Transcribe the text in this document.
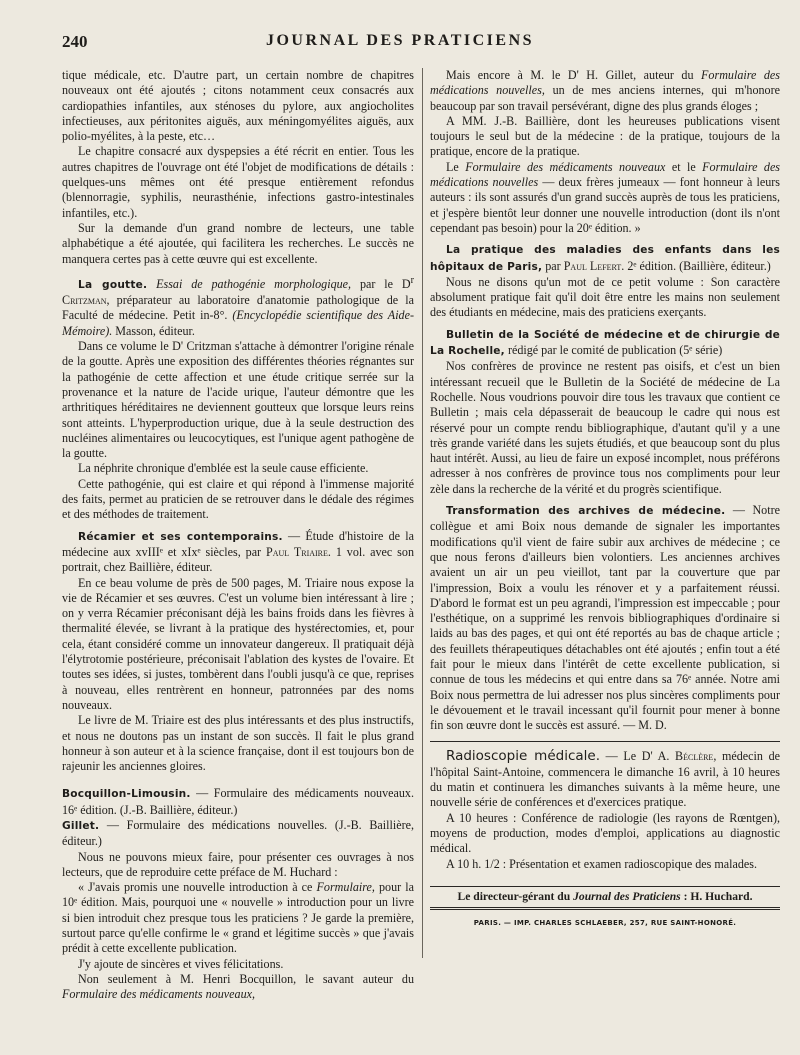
240	JOURNAL DES PRATICIENS

tique médicale, etc. D'autre part, un certain nombre de chapitres nouveaux ont été ajoutés ; citons notamment ceux consacrés aux cardiopathies infantiles, aux sténoses du pylore, aux angiocholites infectieuses, aux péritonites aiguës, aux méningomyélites aiguës, aux polio-myélites, à la peste, etc…

Le chapitre consacré aux dyspepsies a été récrit en entier. Tous les autres chapitres de l'ouvrage ont été l'objet de modifications de détails : quelques-uns mêmes ont été presque entièrement refondus (blennorragie, syphilis, neurasthénie, infections gastro-intestinales infantiles, etc.).

Sur la demande d'un grand nombre de lecteurs, une table alphabétique a été ajoutée, qui facilitera les recherches. Le succès ne manquera certes pas à cette œuvre qui est excellente.

La goutte. Essai de pathogénie morphologique, par le $D^r$ Critzman, préparateur au laboratoire d'anatomie pathologique de la Faculté de médecine. Petit in-8°. (Encyclopédie scientifique des Aide-Mémoire). Masson, éditeur.

Dans ce volume le D' Critzman s'attache à démontrer l'origine rénale de la goutte. Après une exposition des différentes théories régnantes sur la pathogénie de cette affection et une étude critique serrée sur la provenance et la nature de l'acide urique, l'auteur démontre que les arthritiques héréditaires ne deviennent goutteux que lorsque leurs reins sont atteints. L'hyperproduction urique, due à la seule destruction des nucléines alimentaires ou leucocytiques, est l'unique agent pathogène de la goutte.

La néphrite chronique d'emblée est la seule cause efficiente.

Cette pathogénie, qui est claire et qui répond à l'immense majorité des faits, permet au praticien de se retrouver dans le dédale des régimes et des méthodes de traitement.

Récamier et ses contemporains. — Étude d'histoire de la médecine aux xvIIIᵉ et xIxᵉ siècles, par Paul Triaire. 1 vol. avec son portrait, chez Baillière, éditeur.

En ce beau volume de près de 500 pages, M. Triaire nous expose la vie de Récamier et ses œuvres. C'est un volume bien intéressant à lire ; on y verra Récamier préconisant déjà les bains froids dans les fièvres à thermalité élevée, se livrant à la pratique des hystérectomies, et, pour cela, étant considéré comme un innovateur dangereux. Il pratiquait déjà l'élytrotomie postérieure, préconisait l'ablation des kystes de l'ovaire. Et toutes ses idées, si justes, tombèrent dans l'oubli jusqu'à ce que, reprises à nouveau, elles rentrèrent en honneur, patronnées par des noms nouveaux.

Le livre de M. Triaire est des plus intéressants et des plus instructifs, et nous ne doutons pas un instant de son succès. Il fait le plus grand honneur à son auteur et à la science française, dont il est toujours bon de rajeunir les anciennes gloires.

Bocquillon-Limousin. — Formulaire des médicaments nouveaux. 16ᵉ édition. (J.-B. Baillière, éditeur.)

Gillet. — Formulaire des médications nouvelles. (J.-B. Baillière, éditeur.)

Nous ne pouvons mieux faire, pour présenter ces ouvrages à nos lecteurs, que de reproduire cette préface de M. Huchard :

« J'avais promis une nouvelle introduction à ce Formulaire, pour la 10ᵉ édition. Mais, pourquoi une « nouvelle » introduction pour un livre si bien introduit chez presque tous les praticiens ? Je garde la première, surtout parce qu'elle confirme le « grand et légitime succès » que j'avais prédit à cette excellente publication.

J'y ajoute de sincères et vives félicitations.

Non seulement à M. Henri Bocquillon, le savant auteur du Formulaire des médicaments nouveaux,

Mais encore à M. le D' H. Gillet, auteur du Formulaire des médications nouvelles, un de mes anciens internes, qui m'honore beaucoup par son travail persévérant, digne des plus grands éloges ;

A MM. J.-B. Baillière, dont les heureuses publications visent toujours le seul but de la médecine : de la pratique, toujours de la pratique, encore de la pratique.

Le Formulaire des médicaments nouveaux et le Formulaire des médications nouvelles — deux frères jumeaux — font honneur à leurs auteurs : ils sont assurés d'un grand succès auprès de tous les praticiens, et j'espère bientôt leur donner une nouvelle introduction (dont ils n'ont cependant pas besoin) pour la 20ᵉ édition. »

La pratique des maladies des enfants dans les hôpitaux de Paris, par Paul Lefert. 2ᵉ édition. (Baillière, éditeur.)

Nous ne disons qu'un mot de ce petit volume : Son caractère absolument pratique fait qu'il doit être entre les mains non seulement des étudiants en médecine, mais des praticiens exerçants.

Bulletin de la Société de médecine et de chirurgie de La Rochelle, rédigé par le comité de publication (5ᵉ série)

Nos confrères de province ne restent pas oisifs, et c'est un bien intéressant recueil que le Bulletin de la Société de médecine de La Rochelle. Nous voudrions pouvoir dire tous les travaux que contient ce Bulletin ; mais cela dépasserait de beaucoup le cadre qui nous est réservé pour un compte rendu bibliographique, d'autant qu'il y a une très grande variété dans les sujets étudiés, et que beaucoup sont du plus haut intérêt. Aussi, au lieu de faire un exposé incomplet, nous préférons adresser à nos confrères de province tous nos compliments pour leur zèle dans la recherche de la vérité et du progrès scientifique.

Transformation des archives de médecine. — Notre collègue et ami Boix nous demande de signaler les importantes modifications qu'il vient de faire subir aux archives de médecine ; ce que nous ferons d'ailleurs bien volontiers. Les anciennes archives avaient un air un peu vieillot, tant par la couverture que par l'impression, Boix a voulu les rénover et y a parfaitement réussi. D'abord le format est un peu agrandi, l'impression est impeccable ; pour l'esthétique, on a supprimé les renvois bibliographiques d'ordinaire si laids au bas des pages, et qui ont été reportés au bas de chaque article ; des feuillets thérapeutiques détachables ont été ajoutés ; enfin tout a été fait pour le mieux dans l'intérêt de cette excellente publication, si connue de tous les médecins et qui entre dans sa 76ᵉ année. Notre ami Boix nous permettra de lui adresser nos plus sincères compliments pour le dévouement et le travail incessant qu'il fournit pour mener à bonne fin son œuvre dont le succès est assuré. — M. D.

Radioscopie médicale. — Le D' A. Béclère, médecin de l'hôpital Saint-Antoine, commencera le dimanche 16 avril, à 10 heures du matin et continuera les dimanches suivants à la même heure, une nouvelle série de conférences et d'exercices pratique.

A 10 heures : Conférence de radiologie (les rayons de Rœntgen), moyens de production, modes d'emploi, applications au diagnostic médical.

A 10 h. 1/2 : Présentation et examen radioscopique des malades.

Le directeur-gérant du Journal des Praticiens : H. Huchard.
PARIS. — IMP. CHARLES SCHLAEBER, 257, RUE SAINT-HONORÉ.
